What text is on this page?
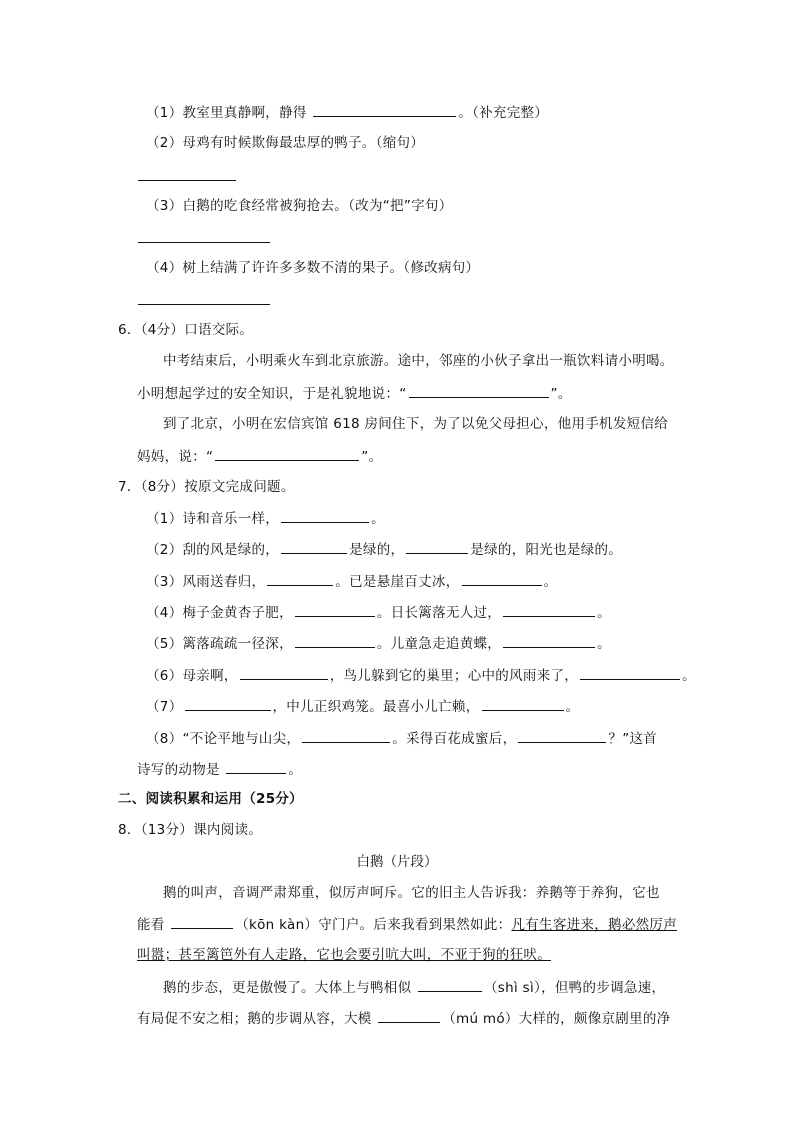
（1）教室里真静啊，静得	。（补充完整）
（2）母鸡有时候欺侮最忠厚的鸭子。（缩句）
（3）白鹅的吃食经常被狗抢去。（改为“把”字句）
（4）树上结满了许许多多数不清的果子。（修改病句）
6．（4分）口语交际。
中考结束后，小明乘火车到北京旅游。途中，邻座的小伙子拿出一瓶饮料请小明喝。
小明想起学过的安全知识，于是礼貌地说：“	”。
到了北京，小明在宏信宾馆 618 房间住下，为了以免父母担心，他用手机发短信给
妈妈，说：“	”。
7．（8分）按原文完成问题。
（1）诗和音乐一样，	。
（2）刮的风是绿的，	是绿的，	是绿的，阳光也是绿的。
（3）风雨送春归，	。已是悬崖百丈冰，	。
（4）梅子金黄杏子肥，	。日长篱落无人过，	。
（5）篱落疏疏一径深，	。儿童急走追黄蝶，	。
（6）母亲啊，	，鸟儿躲到它的巢里；心中的风雨来了，	。
（7）	，中儿正织鸡笼。最喜小儿亡赖，	。
（8）“不论平地与山尖，	。采得百花成蜜后，	？”这首
诗写的动物是	。
二、阅读积累和运用（25分）
8．（13分）课内阅读。
白鹅（片段）
鹅的叫声，音调严肃郑重，似厉声呵斥。它的旧主人告诉我：养鹅等于养狗，它也
能看	（kōn kàn）守门户。后来我看到果然如此：凡有生客进来，鹅必然厉声
叫嚣；甚至篱笆外有人走路，它也会要引吭大叫，不亚于狗的狂吠。
鹅的步态，更是傲慢了。大体上与鸭相似	（shì sì），但鸭的步调急速，
有局促不安之相；鹅的步调从容，大模	（mú mó）大样的，颇像京剧里的净
